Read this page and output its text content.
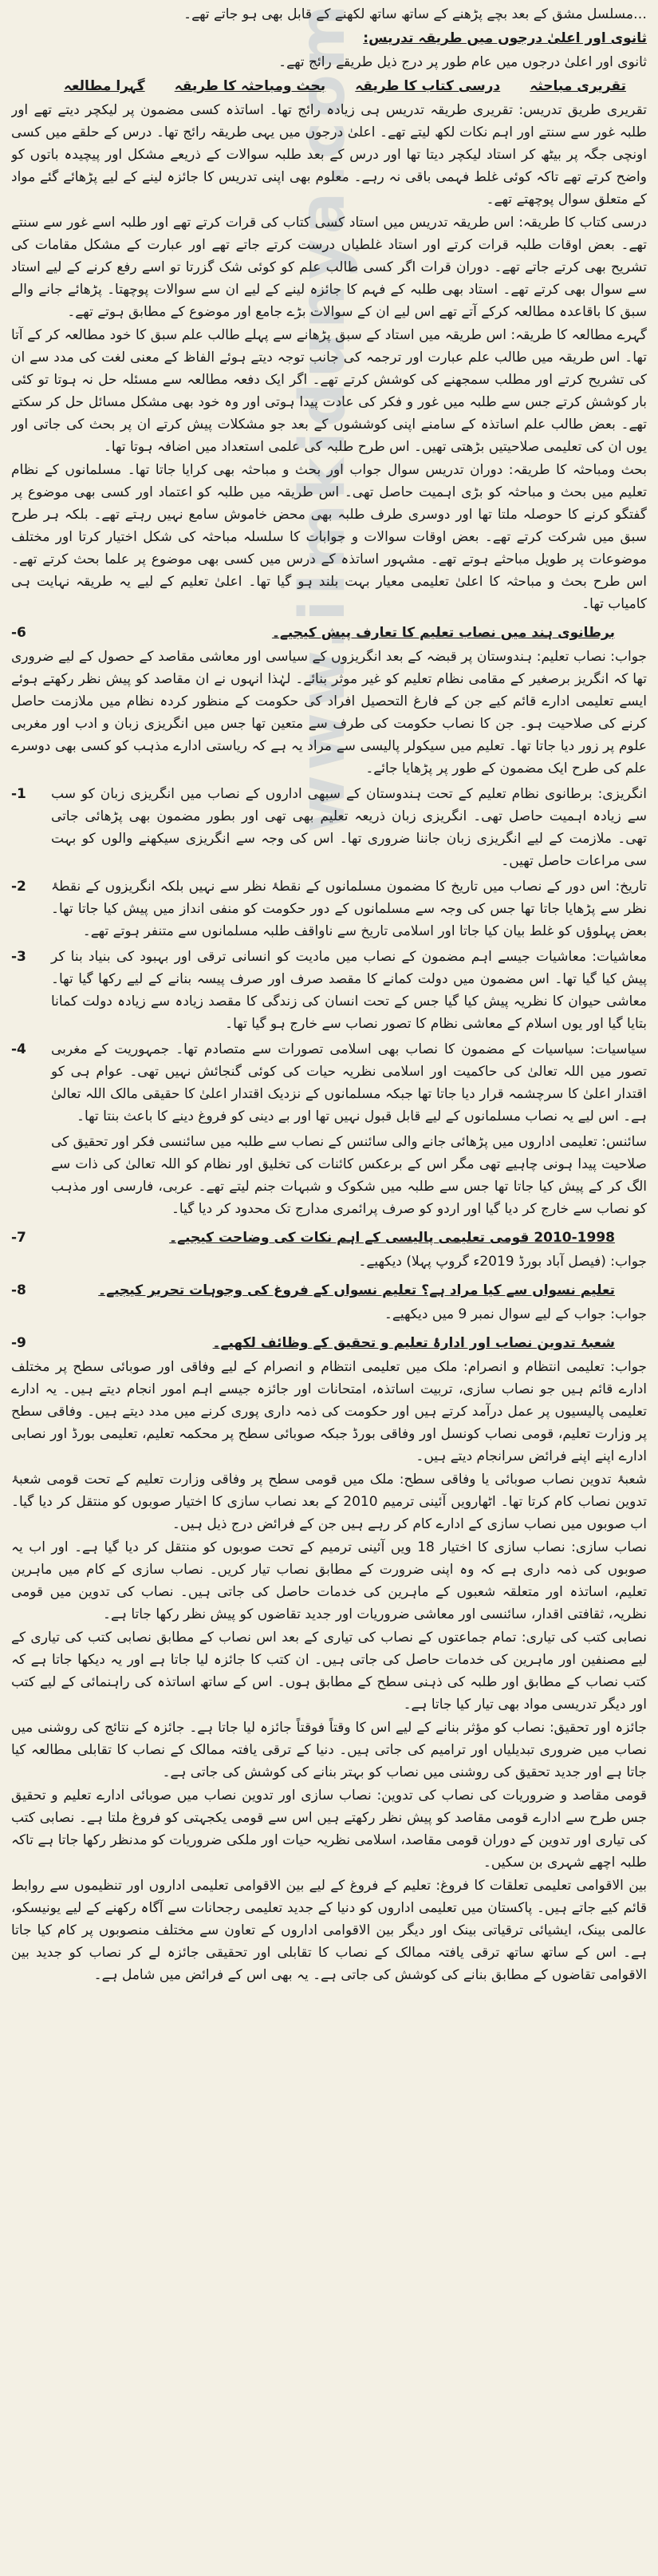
www.ilmkidunya.com

…مسلسل مشق کے بعد بچے پڑھنے کے ساتھ ساتھ لکھنے کے قابل بھی ہو جاتے تھے۔

ثانوی اور اعلیٰ درجوں میں طریقہ تدریس:

ثانوی اور اعلیٰ درجوں میں عام طور پر درج ذیل طریقے رائج تھے۔

تقریری مباحثہ
درسی کتاب کا طریقہ
بحث ومباحثہ کا طریقہ
گہرا مطالعہ

تقریری طریق تدریس: تقریری طریقہ تدریس ہی زیادہ رائج تھا۔ اساتذہ کسی مضمون پر لیکچر دیتے تھے اور طلبہ غور سے سنتے اور اہم نکات لکھ لیتے تھے۔ اعلیٰ درجوں میں یہی طریقہ رائج تھا۔ درس کے حلقے میں کسی اونچی جگہ پر بیٹھ کر استاد لیکچر دیتا تھا اور درس کے بعد طلبہ سوالات کے ذریعے مشکل اور پیچیدہ باتوں کو واضح کرتے تھے تاکہ کوئی غلط فہمی باقی نہ رہے۔ معلوم بھی اپنی تدریس کا جائزہ لینے کے لیے پڑھائے گئے مواد کے متعلق سوال پوچھتے تھے۔

درسی کتاب کا طریقہ: اس طریقہ تدریس میں استاد کسی کتاب کی قرات کرتے تھے اور طلبہ اسے غور سے سنتے تھے۔ بعض اوقات طلبہ قرات کرتے اور استاد غلطیاں درست کرتے جاتے تھے اور عبارت کے مشکل مقامات کی تشریح بھی کرتے جاتے تھے۔ دوران قرات اگر کسی طالب علم کو کوئی شک گزرتا تو اسے رفع کرنے کے لیے استاد سے سوال بھی کرتے تھے۔ استاد بھی طلبہ کے فہم کا جائزہ لینے کے لیے ان سے سوالات پوچھتا۔ پڑھائے جانے والے سبق کا باقاعدہ مطالعہ کرکے آتے تھے اس لیے ان کے سوالات بڑے جامع اور موضوع کے مطابق ہوتے تھے۔

گہرے مطالعہ کا طریقہ: اس طریقہ میں استاد کے سبق پڑھانے سے پہلے طالب علم سبق کا خود مطالعہ کر کے آتا تھا۔ اس طریقہ میں طالب علم عبارت اور ترجمہ کی جانب توجہ دیتے ہوئے الفاظ کے معنی لغت کی مدد سے ان کی تشریح کرتے اور مطلب سمجھنے کی کوشش کرتے تھے۔ اگر ایک دفعہ مطالعہ سے مسئلہ حل نہ ہوتا تو کئی بار کوشش کرتے جس سے طلبہ میں غور و فکر کی عادت پیدا ہوتی اور وہ خود بھی مشکل مسائل حل کر سکتے تھے۔ بعض طالب علم اساتذہ کے سامنے اپنی کوششوں کے بعد جو مشکلات پیش کرتے ان پر بحث کی جاتی اور یوں ان کی تعلیمی صلاحیتیں بڑھتی تھیں۔ اس طرح طلبہ کی علمی استعداد میں اضافہ ہوتا تھا۔

بحث ومباحثہ کا طریقہ: دوران تدریس سوال جواب اور بحث و مباحثہ بھی کرایا جاتا تھا۔ مسلمانوں کے نظام تعلیم میں بحث و مباحثہ کو بڑی اہمیت حاصل تھی۔ اس طریقہ میں طلبہ کو اعتماد اور کسی بھی موضوع پر گفتگو کرنے کا حوصلہ ملتا تھا اور دوسری طرف طلبہ بھی محض خاموش سامع نہیں رہتے تھے۔ بلکہ ہر طرح سبق میں شرکت کرتے تھے۔ بعض اوقات سوالات و جوابات کا سلسلہ مباحثہ کی شکل اختیار کرتا اور مختلف موضوعات پر طویل مباحثے ہوتے تھے۔ مشہور اساتذہ کے درس میں کسی بھی موضوع پر علما بحث کرتے تھے۔ اس طرح بحث و مباحثہ کا اعلیٰ تعلیمی معیار بہت بلند ہو گیا تھا۔ اعلیٰ تعلیم کے لیے یہ طریقہ نہایت ہی کامیاب تھا۔

برطانوی ہند میں نصاب تعلیم کا تعارف پیش کیجیے۔
-6

جواب: نصاب تعلیم: ہندوستان پر قبضہ کے بعد انگریزوں کے سیاسی اور معاشی مقاصد کے حصول کے لیے ضروری تھا کہ انگریز برصغیر کے مقامی نظام تعلیم کو غیر موثر بنائے۔ لہٰذا انہوں نے ان مقاصد کو پیش نظر رکھتے ہوئے ایسے تعلیمی ادارے قائم کیے جن کے فارغ التحصیل افراد کی حکومت کے منظور کردہ نظام میں ملازمت حاصل کرنے کی صلاحیت ہو۔ جن کا نصاب حکومت کی طرف سے متعین تھا جس میں انگریزی زبان و ادب اور مغربی علوم پر زور دیا جاتا تھا۔ تعلیم میں سیکولر پالیسی سے مراد یہ ہے کہ ریاستی ادارے مذہب کو کسی بھی دوسرے علم کی طرح ایک مضمون کے طور پر پڑھایا جائے۔

انگریزی: برطانوی نظام تعلیم کے تحت ہندوستان کے سبھی اداروں کے نصاب میں انگریزی زبان کو سب سے زیادہ اہمیت حاصل تھی۔ انگریزی زبان ذریعہ تعلیم بھی تھی اور بطور مضمون بھی پڑھائی جاتی تھی۔ ملازمت کے لیے انگریزی زبان جاننا ضروری تھا۔ اس کی وجہ سے انگریزی سیکھنے والوں کو بہت سی مراعات حاصل تھیں۔
-1
تاریخ: اس دور کے نصاب میں تاریخ کا مضمون مسلمانوں کے نقطۂ نظر سے نہیں بلکہ انگریزوں کے نقطۂ نظر سے پڑھایا جاتا تھا جس کی وجہ سے مسلمانوں کے دور حکومت کو منفی انداز میں پیش کیا جاتا تھا۔ بعض پہلوؤں کو غلط بیان کیا جاتا اور اسلامی تاریخ سے ناواقف طلبہ مسلمانوں سے متنفر ہوتے تھے۔
-2
معاشیات: معاشیات جیسے اہم مضمون کے نصاب میں مادیت کو انسانی ترقی اور بہبود کی بنیاد بنا کر پیش کیا گیا تھا۔ اس مضمون میں دولت کمانے کا مقصد صرف اور صرف پیسہ بنانے کے لیے رکھا گیا تھا۔ معاشی حیوان کا نظریہ پیش کیا گیا جس کے تحت انسان کی زندگی کا مقصد زیادہ سے زیادہ دولت کمانا بتایا گیا اور یوں اسلام کے معاشی نظام کا تصور نصاب سے خارج ہو گیا تھا۔
-3
سیاسیات: سیاسیات کے مضمون کا نصاب بھی اسلامی تصورات سے متصادم تھا۔ جمہوریت کے مغربی تصور میں اللہ تعالیٰ کی حاکمیت اور اسلامی نظریہ حیات کی کوئی گنجائش نہیں تھی۔ عوام ہی کو اقتدار اعلیٰ کا سرچشمہ قرار دیا جاتا تھا جبکہ مسلمانوں کے نزدیک اقتدار اعلیٰ کا حقیقی مالک اللہ تعالیٰ ہے۔ اس لیے یہ نصاب مسلمانوں کے لیے قابل قبول نہیں تھا اور بے دینی کو فروغ دینے کا باعث بنتا تھا۔
-4
سائنس: تعلیمی اداروں میں پڑھائی جانے والی سائنس کے نصاب سے طلبہ میں سائنسی فکر اور تحقیق کی صلاحیت پیدا ہونی چاہیے تھی مگر اس کے برعکس کائنات کی تخلیق اور نظام کو اللہ تعالیٰ کی ذات سے الگ کر کے پیش کیا جاتا تھا جس سے طلبہ میں شکوک و شبہات جنم لیتے تھے۔ عربی، فارسی اور مذہب کو نصاب سے خارج کر دیا گیا اور اردو کو صرف پرائمری مدارج تک محدود کر دیا گیا۔
2010-1998 قومی تعلیمی پالیسی کے اہم نکات کی وضاحت کیجیے۔
-7

جواب: (فیصل آباد بورڈ 2019ء گروپ پہلا) دیکھیے۔

تعلیم نسواں سے کیا مراد ہے؟ تعلیم نسواں کے فروغ کی وجوہات تحریر کیجیے۔
-8

جواب: جواب کے لیے سوال نمبر 9 میں دیکھیے۔

شعبۂ تدوین نصاب اور ادارۂ تعلیم و تحقیق کے وظائف لکھیے۔
-9

جواب: تعلیمی انتظام و انصرام: ملک میں تعلیمی انتظام و انصرام کے لیے وفاقی اور صوبائی سطح پر مختلف ادارے قائم ہیں جو نصاب سازی، تربیت اساتذہ، امتحانات اور جائزہ جیسے اہم امور انجام دیتے ہیں۔ یہ ادارے تعلیمی پالیسیوں پر عمل درآمد کرتے ہیں اور حکومت کی ذمہ داری پوری کرنے میں مدد دیتے ہیں۔ وفاقی سطح پر وزارت تعلیم، قومی نصاب کونسل اور وفاقی بورڈ جبکہ صوبائی سطح پر محکمہ تعلیم، تعلیمی بورڈ اور نصابی ادارے اپنے اپنے فرائض سرانجام دیتے ہیں۔

شعبۂ تدوین نصاب صوبائی یا وفاقی سطح: ملک میں قومی سطح پر وفاقی وزارت تعلیم کے تحت قومی شعبۂ تدوین نصاب کام کرتا تھا۔ اٹھارویں آئینی ترمیم 2010 کے بعد نصاب سازی کا اختیار صوبوں کو منتقل کر دیا گیا۔ اب صوبوں میں نصاب سازی کے ادارے کام کر رہے ہیں جن کے فرائض درج ذیل ہیں۔

نصاب سازی: نصاب سازی کا اختیار 18 ویں آئینی ترمیم کے تحت صوبوں کو منتقل کر دیا گیا ہے۔ اور اب یہ صوبوں کی ذمہ داری ہے کہ وہ اپنی ضرورت کے مطابق نصاب تیار کریں۔ نصاب سازی کے کام میں ماہرین تعلیم، اساتذہ اور متعلقہ شعبوں کے ماہرین کی خدمات حاصل کی جاتی ہیں۔ نصاب کی تدوین میں قومی نظریہ، ثقافتی اقدار، سائنسی اور معاشی ضروریات اور جدید تقاضوں کو پیش نظر رکھا جاتا ہے۔

نصابی کتب کی تیاری: تمام جماعتوں کے نصاب کی تیاری کے بعد اس نصاب کے مطابق نصابی کتب کی تیاری کے لیے مصنفین اور ماہرین کی خدمات حاصل کی جاتی ہیں۔ ان کتب کا جائزہ لیا جاتا ہے اور یہ دیکھا جاتا ہے کہ کتب نصاب کے مطابق اور طلبہ کی ذہنی سطح کے مطابق ہوں۔ اس کے ساتھ اساتذہ کی راہنمائی کے لیے کتب اور دیگر تدریسی مواد بھی تیار کیا جاتا ہے۔

جائزہ اور تحقیق: نصاب کو مؤثر بنانے کے لیے اس کا وقتاً فوقتاً جائزہ لیا جاتا ہے۔ جائزہ کے نتائج کی روشنی میں نصاب میں ضروری تبدیلیاں اور ترامیم کی جاتی ہیں۔ دنیا کے ترقی یافتہ ممالک کے نصاب کا تقابلی مطالعہ کیا جاتا ہے اور جدید تحقیق کی روشنی میں نصاب کو بہتر بنانے کی کوشش کی جاتی ہے۔

قومی مقاصد و ضروریات کی نصاب کی تدوین: نصاب سازی اور تدوین نصاب میں صوبائی ادارے تعلیم و تحقیق جس طرح سے ادارے قومی مقاصد کو پیش نظر رکھتے ہیں اس سے قومی یکجہتی کو فروغ ملتا ہے۔ نصابی کتب کی تیاری اور تدوین کے دوران قومی مقاصد، اسلامی نظریہ حیات اور ملکی ضروریات کو مدنظر رکھا جاتا ہے تاکہ طلبہ اچھے شہری بن سکیں۔

بین الاقوامی تعلیمی تعلقات کا فروغ: تعلیم کے فروغ کے لیے بین الاقوامی تعلیمی اداروں اور تنظیموں سے روابط قائم کیے جاتے ہیں۔ پاکستان میں تعلیمی اداروں کو دنیا کے جدید تعلیمی رجحانات سے آگاہ رکھنے کے لیے یونیسکو، عالمی بینک، ایشیائی ترقیاتی بینک اور دیگر بین الاقوامی اداروں کے تعاون سے مختلف منصوبوں پر کام کیا جاتا ہے۔ اس کے ساتھ ساتھ ترقی یافتہ ممالک کے نصاب کا تقابلی اور تحقیقی جائزہ لے کر نصاب کو جدید بین الاقوامی تقاضوں کے مطابق بنانے کی کوشش کی جاتی ہے۔ یہ بھی اس کے فرائض میں شامل ہے۔
